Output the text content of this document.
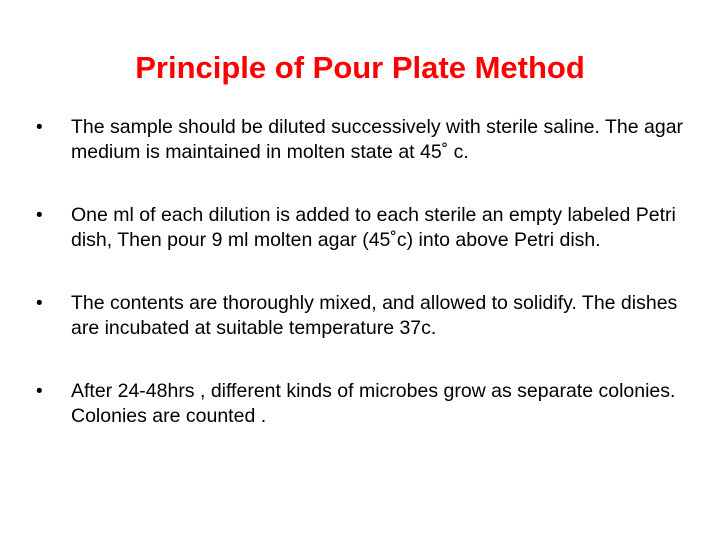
Principle of Pour Plate Method
•	The sample should be diluted successively with sterile saline. The agar medium is maintained in molten state at 45˚ c.
•	One ml of each dilution is added to each sterile an empty labeled Petri dish, Then pour 9 ml molten agar (45˚c) into above Petri dish.
•	The contents are thoroughly mixed, and allowed to solidify. The dishes are incubated at suitable temperature 37c.
•	After 24-48hrs , different kinds of microbes grow as separate colonies. Colonies are counted .
